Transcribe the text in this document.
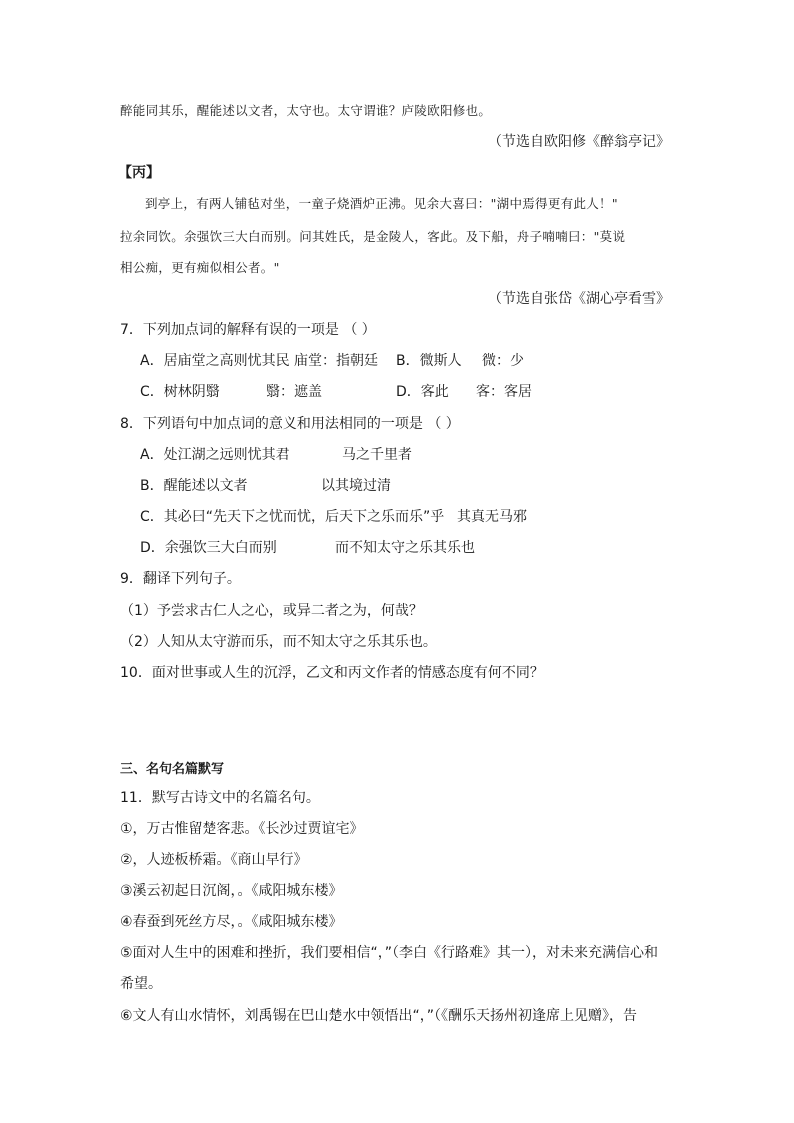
醉能同其乐，醒能述以文者，太守也。太守谓谁？庐陵欧阳修也。
（节选自欧阳修《醉翁亭记》
【丙】
到亭上，有两人铺毡对坐，一童子烧酒炉正沸。见余大喜曰："湖中焉得更有此人！"
拉余同饮。余强饮三大白而别。问其姓氏，是金陵人，客此。及下船，舟子喃喃曰："莫说
相公痴，更有痴似相公者。"
（节选自张岱《湖心亭看雪》
7．下列加点词的解释有误的一项是 （ ）
A．居庙堂之高则忧其民 庙堂：指朝廷 B．微斯人 微：少
C．树林阴翳	翳：遮盖	D．客此 客：客居
8．下列语句中加点词的意义和用法相同的一项是 （ ）
A．处江湖之远则忧其君	马之千里者
B．醒能述以文者	以其境过清
C．其必曰“先天下之忧而忧，后天下之乐而乐”乎 其真无马邪
D．余强饮三大白而别	而不知太守之乐其乐也
9．翻译下列句子。
（1）予尝求古仁人之心，或异二者之为，何哉？
（2）人知从太守游而乐，而不知太守之乐其乐也。
10．面对世事或人生的沉浮，乙文和丙文作者的情感态度有何不同？
三、名句名篇默写
11．默写古诗文中的名篇名句。
①，万古惟留楚客悲。《长沙过贾谊宅》
②，人迹板桥霜。《商山早行》
③溪云初起日沉阁，。《咸阳城东楼》
④春蚕到死丝方尽，。《咸阳城东楼》
⑤面对人生中的困难和挫折，我们要相信“，”（李白《行路难》其一），对未来充满信心和
希望。
⑥文人有山水情怀，刘禹锡在巴山楚水中领悟出“，”（《酬乐天扬州初逢席上见赠》，告
